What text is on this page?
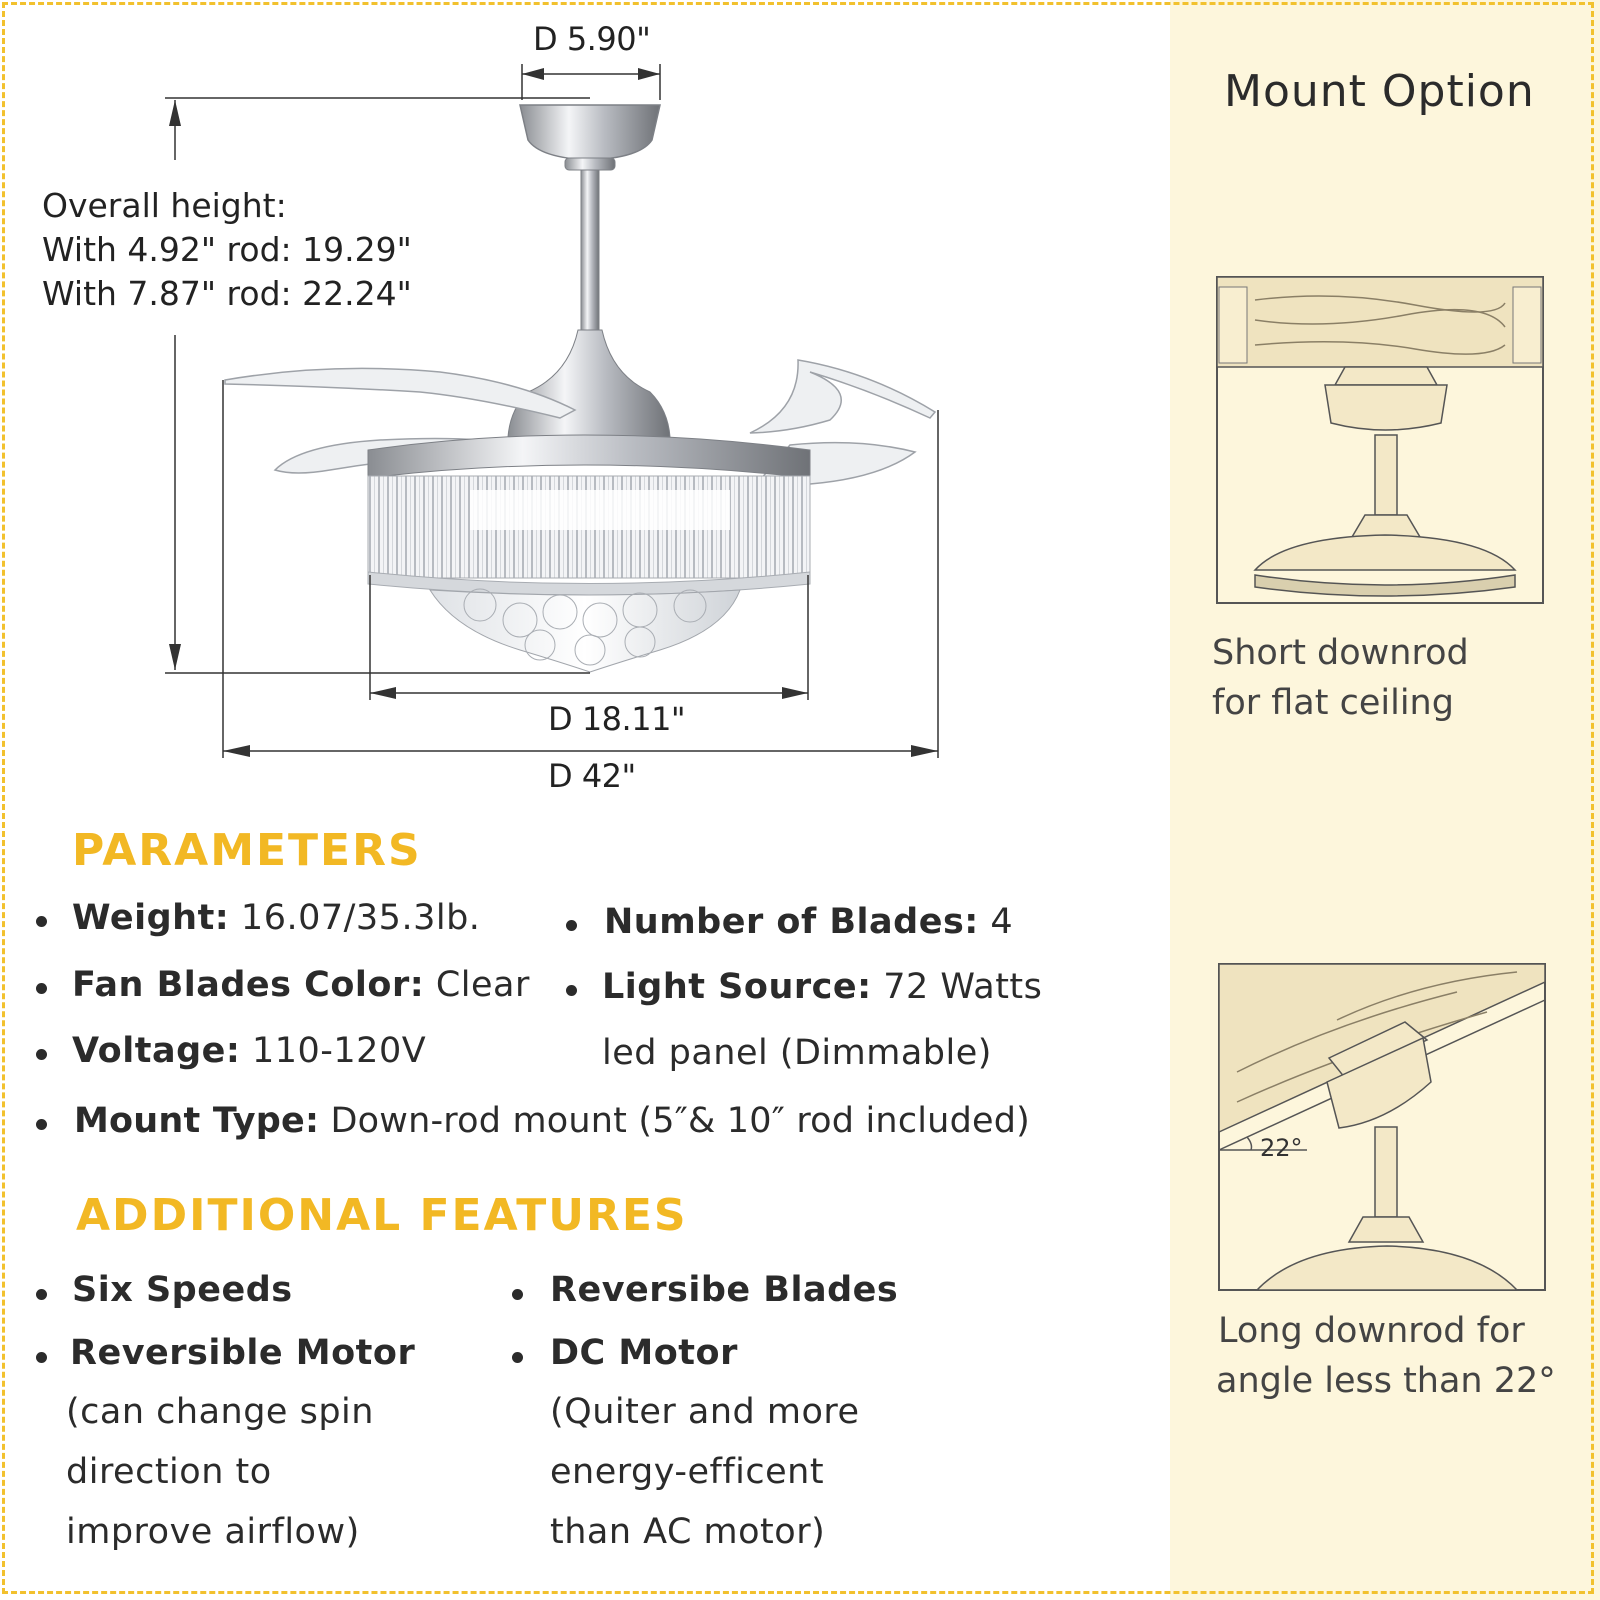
D 5.90"
Overall height:
With 4.92" rod: 19.29"
With 7.87" rod: 22.24"
D 18.11"
D 42"
PARAMETERS
Weight: 16.07/35.3lb.	Number of Blades: 4
Fan Blades Color: Clear Light Source: 72 Watts
led panel (Dimmable)
Voltage: 110-120V
Mount Type: Down-rod mount (5″& 10″ rod included)
ADDITIONAL FEATURES
Six Speeds	Reversibe Blades
Reversible Motor
(can change spin
direction to
improve airflow)
DC Motor
(Quiter and more
energy-efficent
than AC motor)
Mount Option
Short downrod
for flat ceiling
22°
Long downrod for
angle less than 22°
